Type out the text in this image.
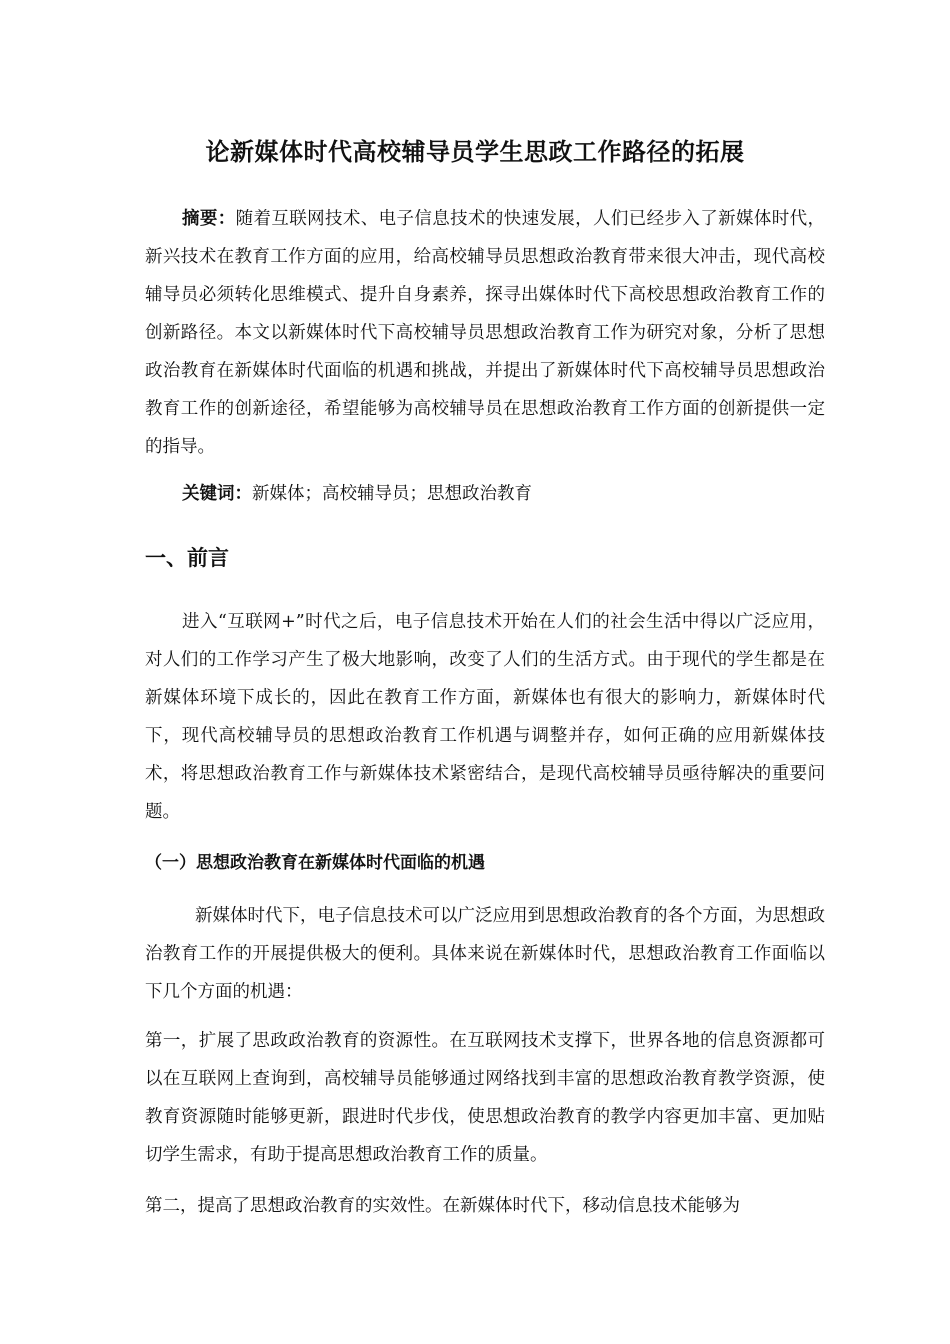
论新媒体时代高校辅导员学生思政工作路径的拓展

摘要：随着互联网技术、电子信息技术的快速发展，人们已经步入了新媒体时代，新兴技术在教育工作方面的应用，给高校辅导员思想政治教育带来很大冲击，现代高校辅导员必须转化思维模式、提升自身素养，探寻出媒体时代下高校思想政治教育工作的创新路径。本文以新媒体时代下高校辅导员思想政治教育工作为研究对象，分析了思想政治教育在新媒体时代面临的机遇和挑战，并提出了新媒体时代下高校辅导员思想政治教育工作的创新途径，希望能够为高校辅导员在思想政治教育工作方面的创新提供一定的指导。

关键词：新媒体；高校辅导员；思想政治教育

一、前言

进入“互联网+”时代之后，电子信息技术开始在人们的社会生活中得以广泛应用，对人们的工作学习产生了极大地影响，改变了人们的生活方式。由于现代的学生都是在新媒体环境下成长的，因此在教育工作方面，新媒体也有很大的影响力，新媒体时代下，现代高校辅导员的思想政治教育工作机遇与调整并存，如何正确的应用新媒体技术，将思想政治教育工作与新媒体技术紧密结合，是现代高校辅导员亟待解决的重要问题。

（一）思想政治教育在新媒体时代面临的机遇

新媒体时代下，电子信息技术可以广泛应用到思想政治教育的各个方面，为思想政治教育工作的开展提供极大的便利。具体来说在新媒体时代，思想政治教育工作面临以下几个方面的机遇：

第一，扩展了思政政治教育的资源性。在互联网技术支撑下，世界各地的信息资源都可以在互联网上查询到，高校辅导员能够通过网络找到丰富的思想政治教育教学资源，使教育资源随时能够更新，跟进时代步伐，使思想政治教育的教学内容更加丰富、更加贴切学生需求，有助于提高思想政治教育工作的质量。

第二，提高了思想政治教育的实效性。在新媒体时代下，移动信息技术能够为
